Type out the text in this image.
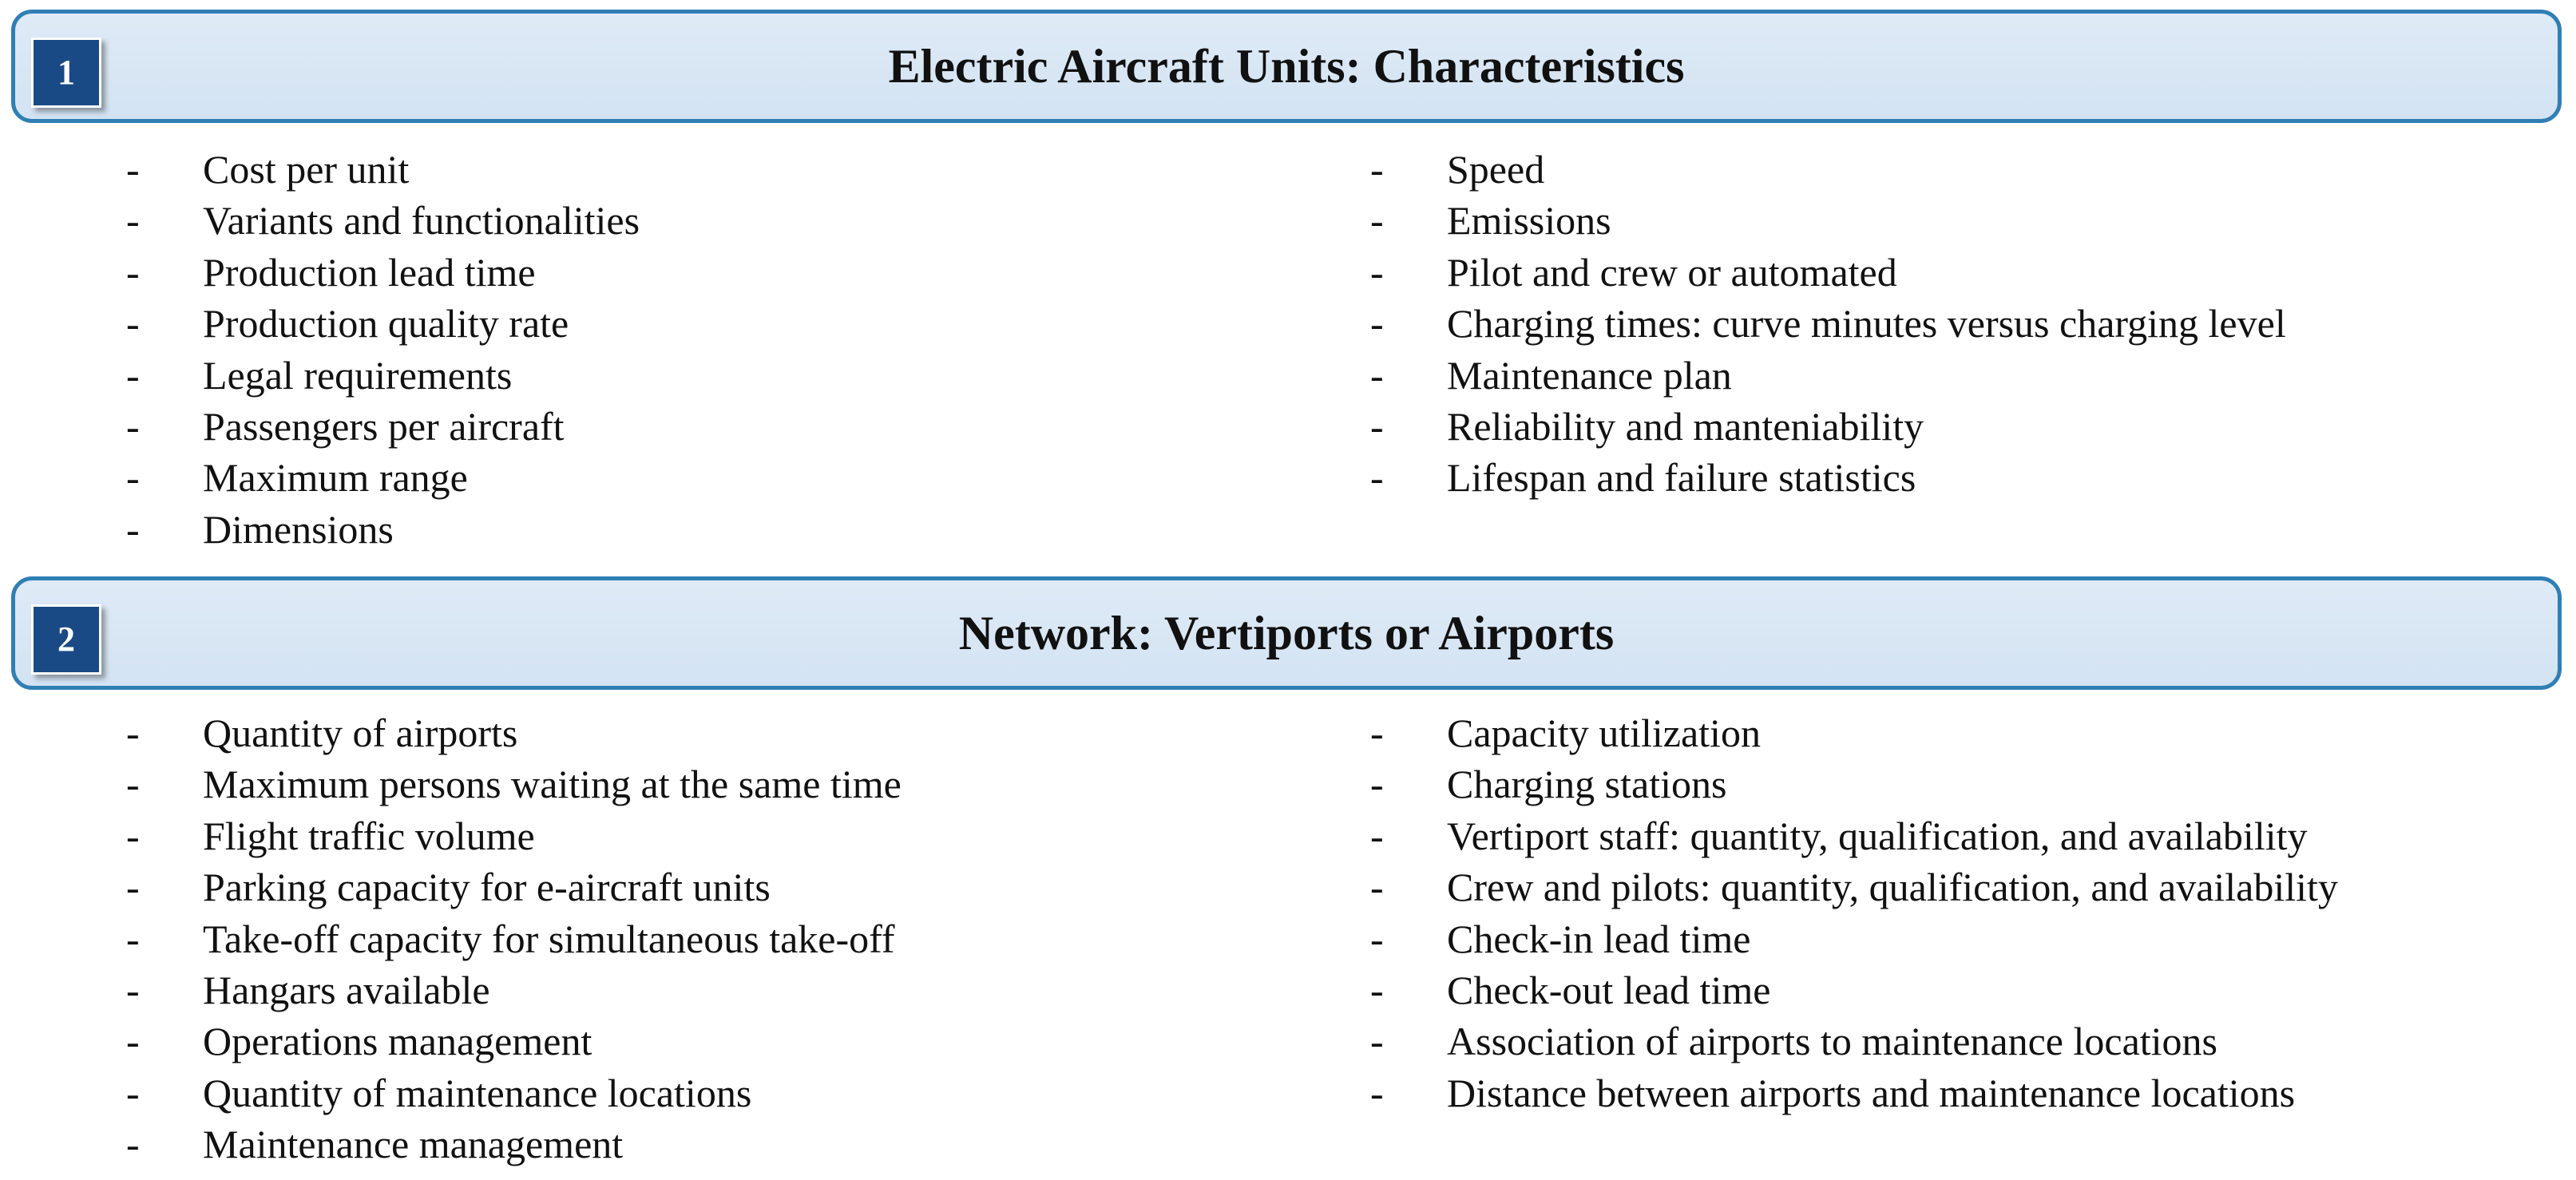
1	Electric Aircraft Units: Characteristics
- Cost per unit
- Variants and functionalities
- Production lead time
- Production quality rate
- Legal requirements
- Passengers per aircraft
- Maximum range
- Dimensions
- Speed
- Emissions
- Pilot and crew or automated
- Charging times: curve minutes versus charging level
- Maintenance plan
- Reliability and manteniability
- Lifespan and failure statistics
2	Network: Vertiports or Airports
- Quantity of airports
- Maximum persons waiting at the same time
- Flight traffic volume
- Parking capacity for e-aircraft units
- Take-off capacity for simultaneous take-off
- Hangars available
- Operations management
- Quantity of maintenance locations
- Maintenance management
- Capacity utilization
- Charging stations
- Vertiport staff: quantity, qualification, and availability
- Crew and pilots: quantity, qualification, and availability
- Check-in lead time
- Check-out lead time
- Association of airports to maintenance locations
- Distance between airports and maintenance locations
